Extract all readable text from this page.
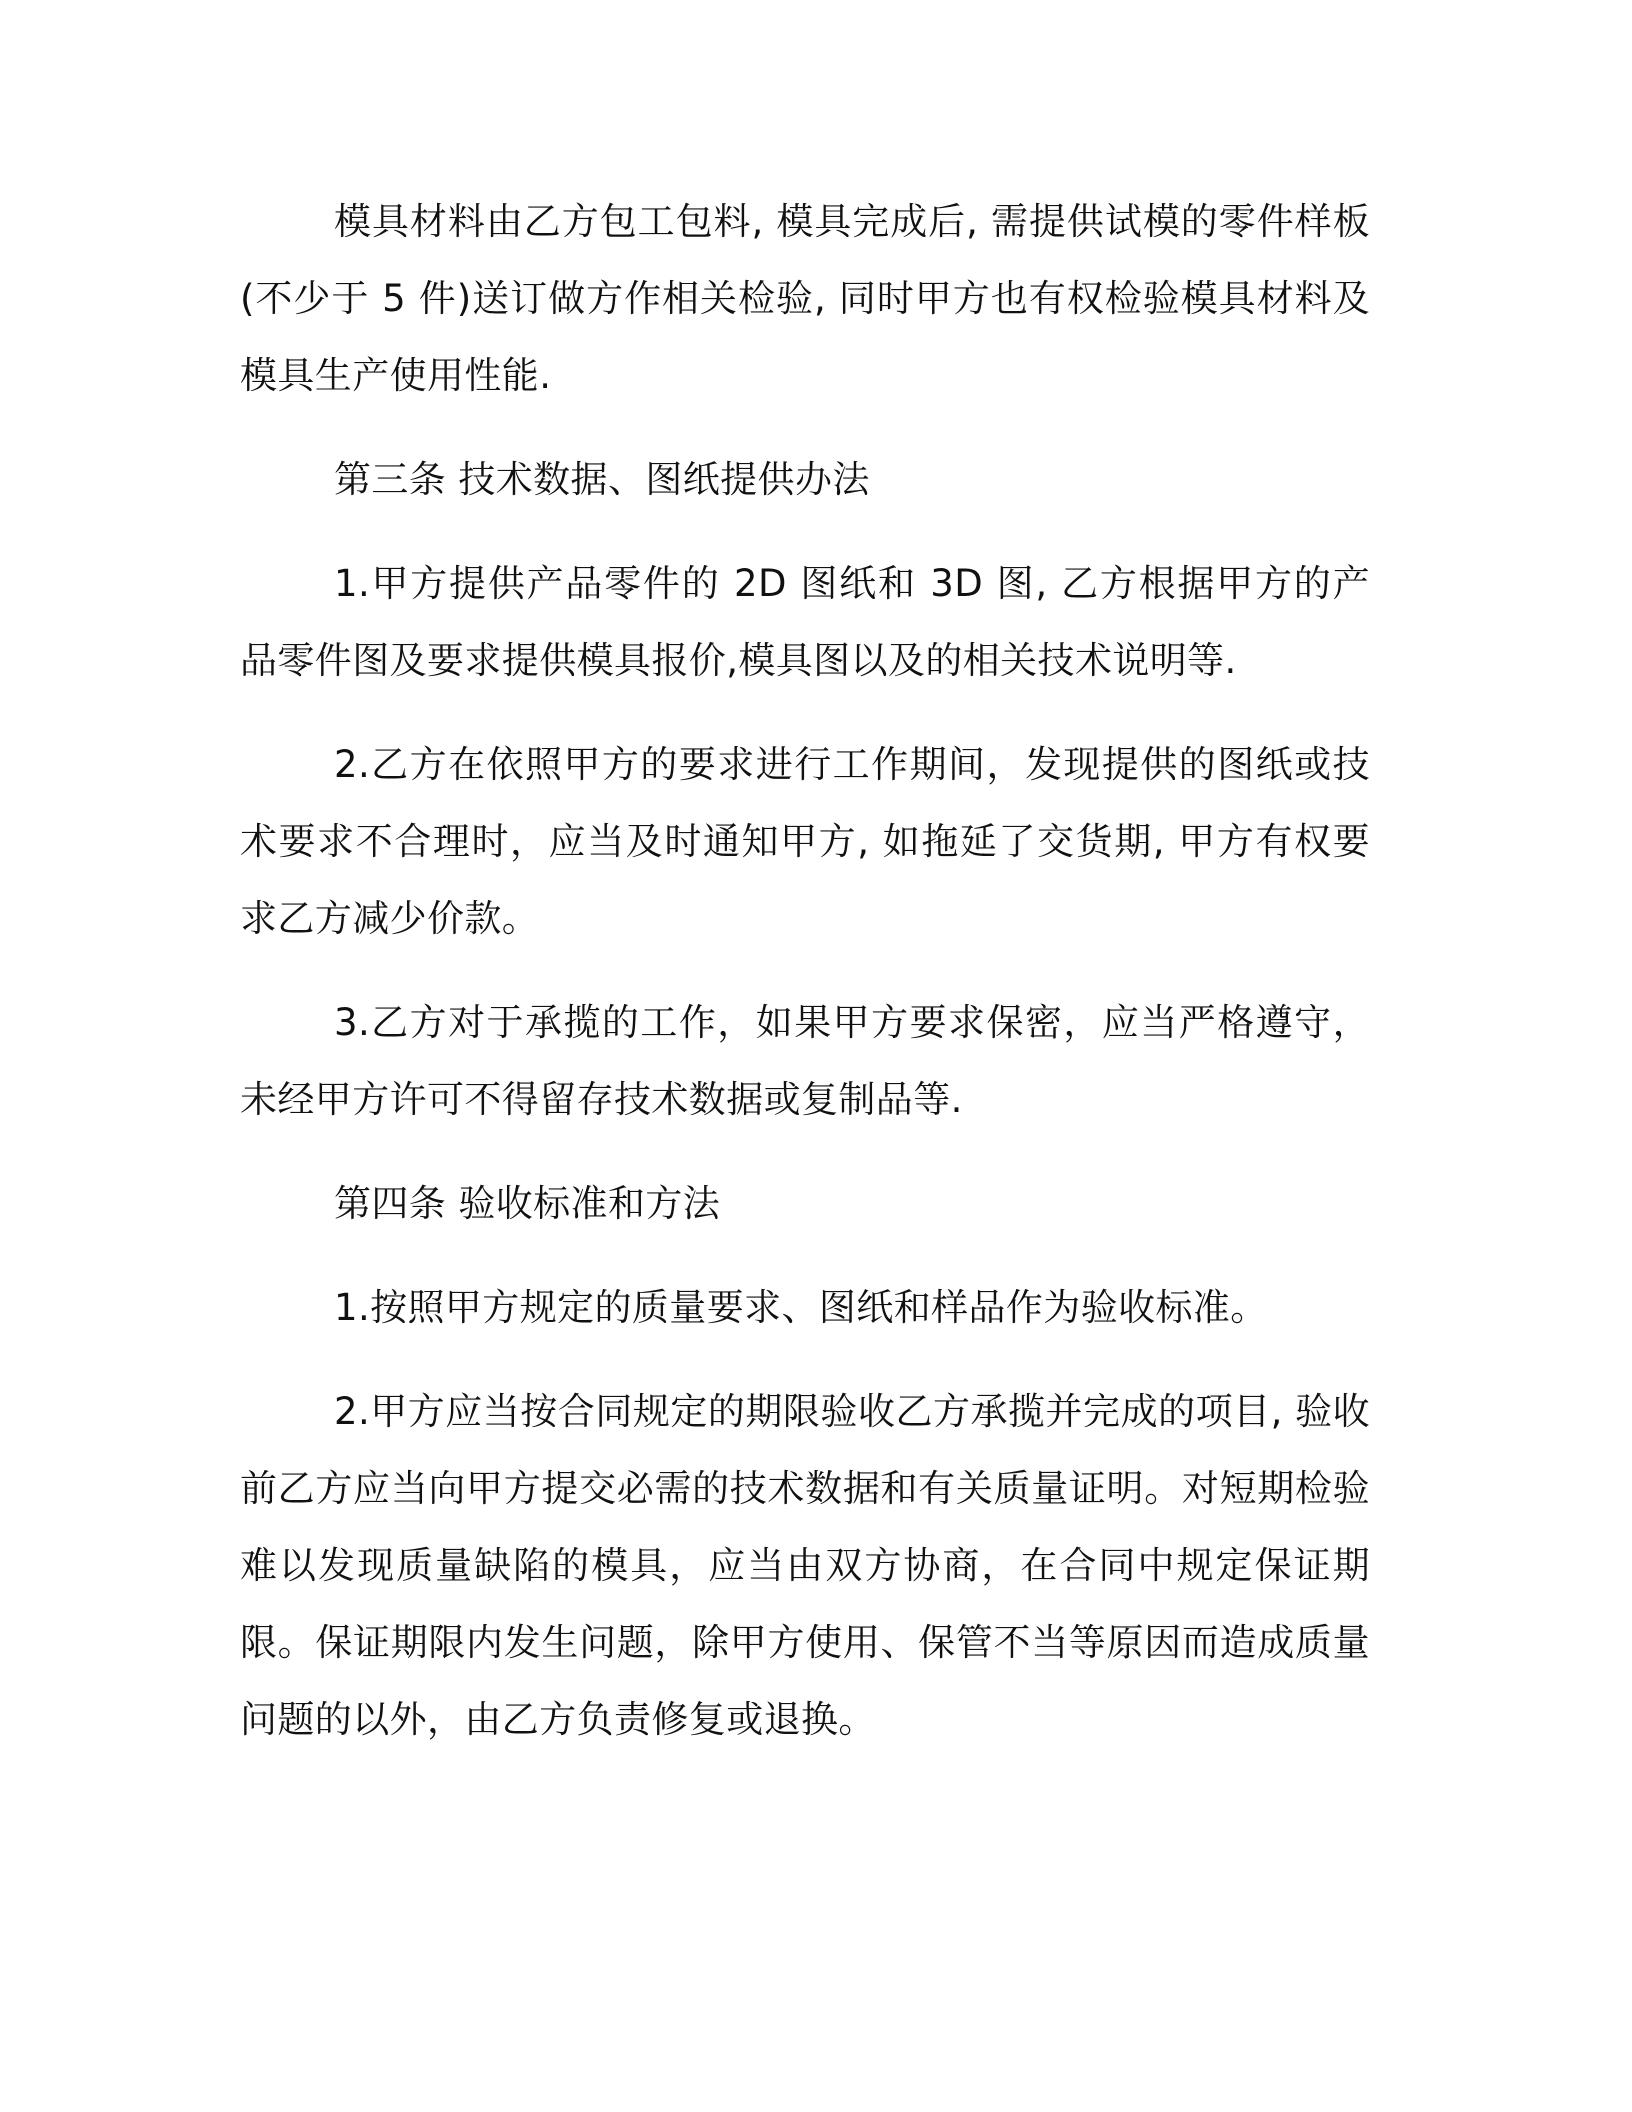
模具材料由乙方包工包料, 模具完成后, 需提供试模的零件样板(不少于 5 件)送订做方作相关检验, 同时甲方也有权检验模具材料及模具生产使用性能.

第三条 技术数据、图纸提供办法

1.甲方提供产品零件的 2D 图纸和 3D 图, 乙方根据甲方的产品零件图及要求提供模具报价,模具图以及的相关技术说明等.

2.乙方在依照甲方的要求进行工作期间，发现提供的图纸或技术要求不合理时，应当及时通知甲方, 如拖延了交货期, 甲方有权要求乙方减少价款。

3.乙方对于承揽的工作，如果甲方要求保密，应当严格遵守，未经甲方许可不得留存技术数据或复制品等.

第四条 验收标准和方法

1.按照甲方规定的质量要求、图纸和样品作为验收标准。

2.甲方应当按合同规定的期限验收乙方承揽并完成的项目, 验收前乙方应当向甲方提交必需的技术数据和有关质量证明。对短期检验难以发现质量缺陷的模具，应当由双方协商，在合同中规定保证期限。保证期限内发生问题，除甲方使用、保管不当等原因而造成质量问题的以外，由乙方负责修复或退换。
